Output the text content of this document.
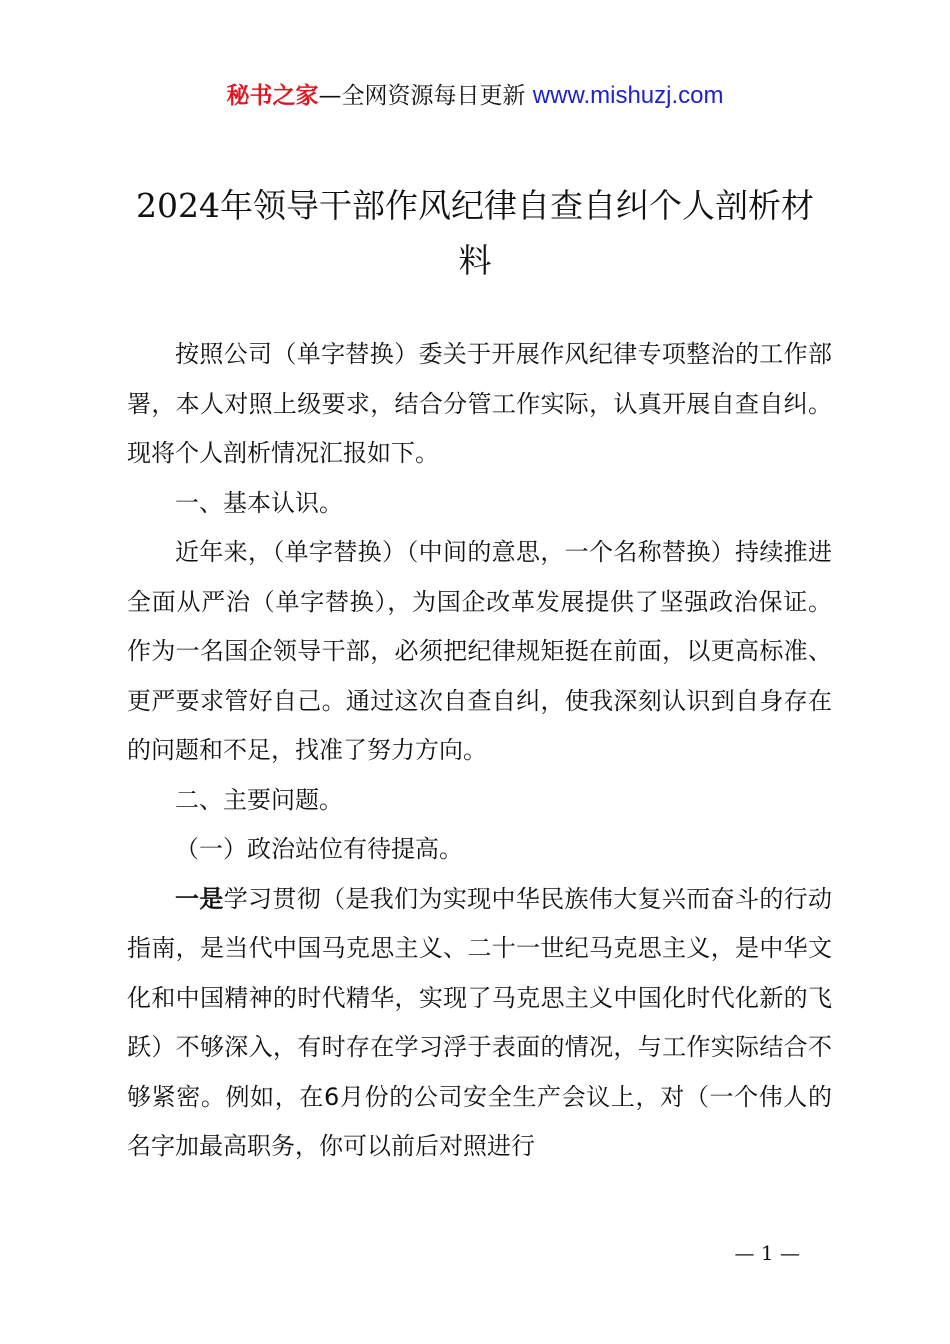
秘书之家—全网资源每日更新 www.mishuzj.com
2024年领导干部作风纪律自查自纠个人剖析材料

按照公司（单字替换）委关于开展作风纪律专项整治的工作部署，本人对照上级要求，结合分管工作实际，认真开展自查自纠。现将个人剖析情况汇报如下。

一、基本认识。

近年来，（单字替换）（中间的意思，一个名称替换）持续推进全面从严治（单字替换），为国企改革发展提供了坚强政治保证。作为一名国企领导干部，必须把纪律规矩挺在前面，以更高标准、更严要求管好自己。通过这次自查自纠，使我深刻认识到自身存在的问题和不足，找准了努力方向。

二、主要问题。

（一）政治站位有待提高。

一是学习贯彻（是我们为实现中华民族伟大复兴而奋斗的行动指南，是当代中国马克思主义、二十一世纪马克思主义，是中华文化和中国精神的时代精华，实现了马克思主义中国化时代化新的飞跃）不够深入，有时存在学习浮于表面的情况，与工作实际结合不够紧密。例如，在6月份的公司安全生产会议上，对（一个伟人的名字加最高职务，你可以前后对照进行

— 1 —
